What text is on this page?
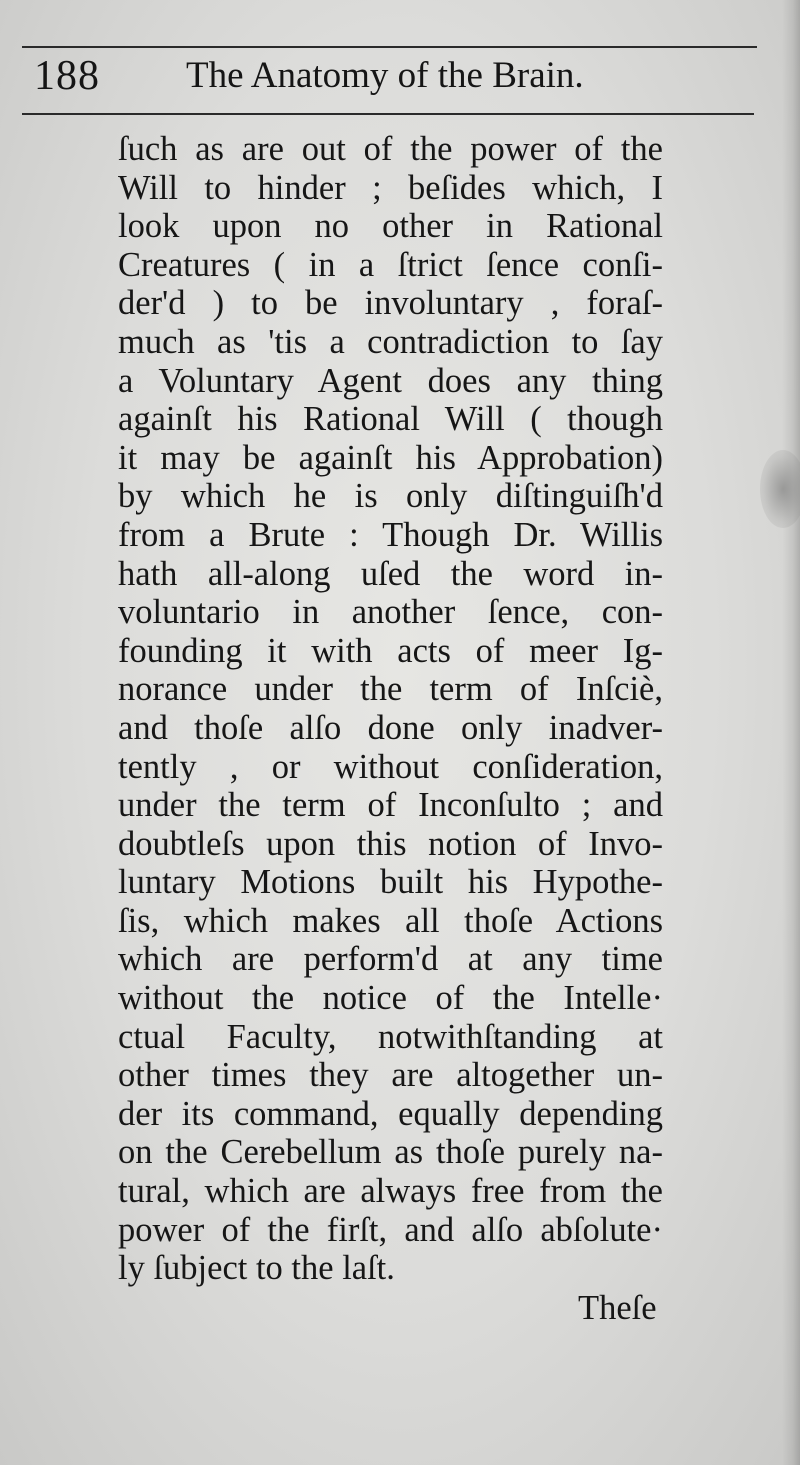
188 The Anatomy of the Brain.
ſuch as are out of the power of the
Will to hinder ; beſides which, I
look upon no other in Rational
Creatures ( in a ſtrict ſence conſi-
der'd ) to be involuntary , foraſ-
much as 'tis a contradiction to ſay
a Voluntary Agent does any thing
againſt his Rational Will ( though
it may be againſt his Approbation)
by which he is only diſtinguiſh'd
from a Brute : Though Dr. Willis
hath all-along uſed the word in-
voluntario in another ſence, con-
founding it with acts of meer Ig-
norance under the term of Inſciè,
and thoſe alſo done only inadver-
tently , or without conſideration,
under the term of Inconſulto ; and
doubtleſs upon this notion of Invo-
luntary Motions built his Hypothe-
ſis, which makes all thoſe Actions
which are perform'd at any time
without the notice of the Intelle·
ctual Faculty, notwithſtanding at
other times they are altogether un-
der its command, equally depending
on the Cerebellum as thoſe purely na-
tural, which are always free from the
power of the firſt, and alſo abſolute·
ly ſubject to the laſt.
Theſe
